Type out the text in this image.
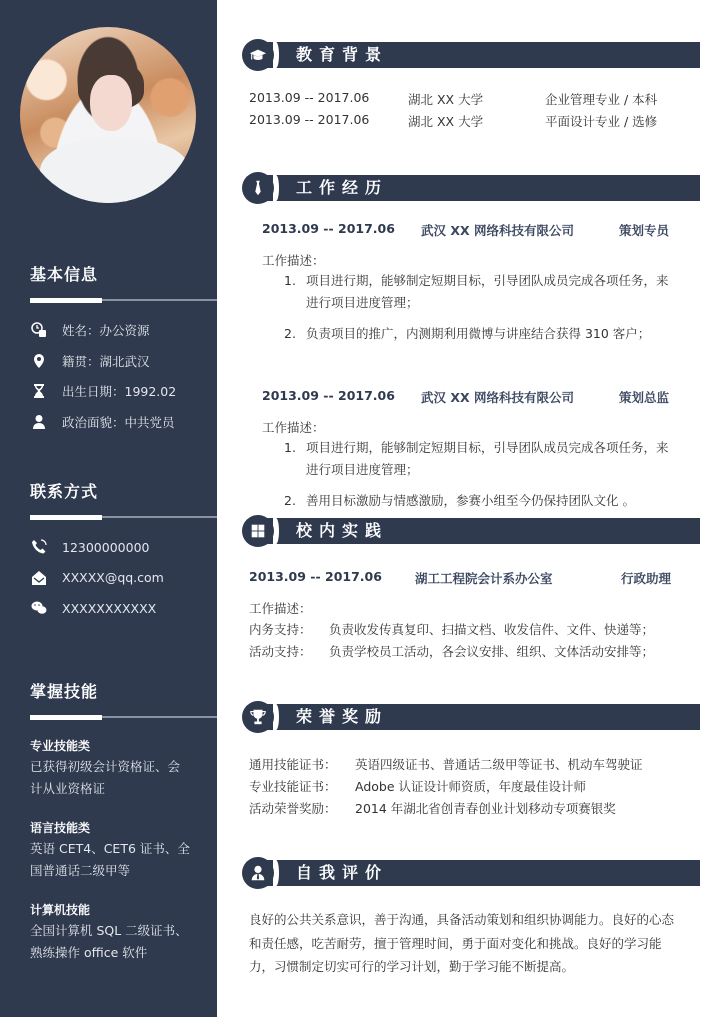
基本信息
姓名：办公资源
籍贯：湖北武汉
出生日期：1992.02
政治面貌：中共党员
联系方式
12300000000
XXXXX@qq.com
XXXXXXXXXXX
掌握技能
专业技能类
已获得初级会计资格证、会计从业资格证
语言技能类
英语 CET4、CET6 证书、全国普通话二级甲等
计算机技能
全国计算机 SQL 二级证书、熟练操作 office 软件
教育背景
2013.09 -- 2017.06	湖北 XX 大学	企业管理专业 / 本科
2013.09 -- 2017.06	湖北 XX 大学	平面设计专业 / 选修
工作经历
2013.09 -- 2017.06 武汉 XX 网络科技有限公司	策划专员
工作描述：
1. 项目进行期，能够制定短期目标，引导团队成员完成各项任务，来进行项目进度管理；
2. 负责项目的推广，内测期利用微博与讲座结合获得 310 客户；
2013.09 -- 2017.06 武汉 XX 网络科技有限公司	策划总监
工作描述：
1. 项目进行期，能够制定短期目标，引导团队成员完成各项任务，来进行项目进度管理；
2. 善用目标激励与情感激励，参赛小组至今仍保持团队文化 。
校内实践
2013.09 -- 2017.06	湖工工程院会计系办公室	行政助理
工作描述：
内务支持： 负责收发传真复印、扫描文档、收发信件、文件、快递等；
活动支持： 负责学校员工活动，各会议安排、组织、文体活动安排等；
荣誉奖励
通用技能证书： 英语四级证书、普通话二级甲等证书、机动车驾驶证
专业技能证书： Adobe 认证设计师资质，年度最佳设计师
活动荣誉奖励： 2014 年湖北省创青春创业计划移动专项赛银奖
自我评价
良好的公共关系意识，善于沟通，具备活动策划和组织协调能力。良好的心态和责任感，吃苦耐劳，擅于管理时间，勇于面对变化和挑战。良好的学习能力，习惯制定切实可行的学习计划，勤于学习能不断提高。
